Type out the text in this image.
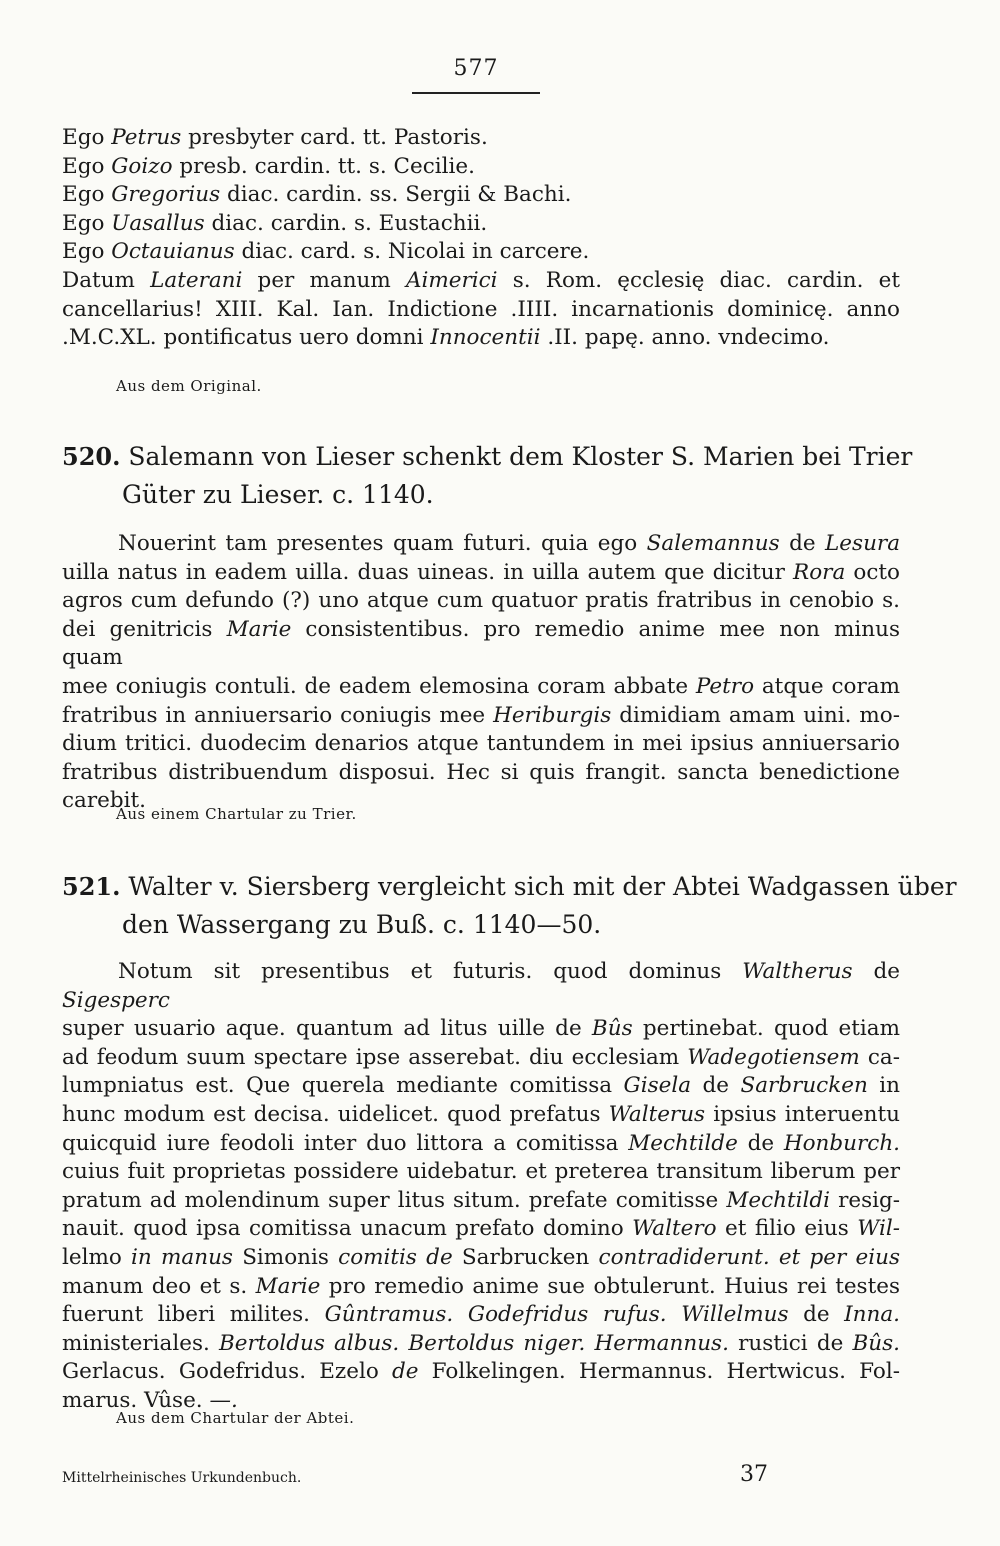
577
Ego Petrus presbyter card. tt. Pastoris.
Ego Goizo presb. cardin. tt. s. Cecilie.
Ego Gregorius diac. cardin. ss. Sergii & Bachi.
Ego Uasallus diac. cardin. s. Eustachii.
Ego Octauianus diac. card. s. Nicolai in carcere.
Datum Laterani per manum Aimerici s. Rom. ęcclesię diac. cardin. et
cancellarius! XIII. Kal. Ian. Indictione .IIII. incarnationis dominicę. anno
.M.C.XL. pontificatus uero domni Innocentii .II. papę. anno. vndecimo.
Aus dem Original.
520. Salemann von Lieser schenkt dem Kloster S. Marien bei Trier
Güter zu Lieser. c. 1140.
Nouerint tam presentes quam futuri. quia ego Salemannus de Lesura
uilla natus in eadem uilla. duas uineas. in uilla autem que dicitur Rora octo
agros cum defundo (?) uno atque cum quatuor pratis fratribus in cenobio s.
dei genitricis Marie consistentibus. pro remedio anime mee non minus quam
mee coniugis contuli. de eadem elemosina coram abbate Petro atque coram
fratribus in anniuersario coniugis mee Heriburgis dimidiam amam uini. mo-
dium tritici. duodecim denarios atque tantundem in mei ipsius anniuersario
fratribus distribuendum disposui. Hec si quis frangit. sancta benedictione
carebit.
Aus einem Chartular zu Trier.
521. Walter v. Siersberg vergleicht sich mit der Abtei Wadgassen über
den Wassergang zu Buß. c. 1140—50.
Notum sit presentibus et futuris. quod dominus Waltherus de Sigesperc
super usuario aque. quantum ad litus uille de Bûs pertinebat. quod etiam
ad feodum suum spectare ipse asserebat. diu ecclesiam Wadegotiensem ca-
lumpniatus est. Que querela mediante comitissa Gisela de Sarbrucken in
hunc modum est decisa. uidelicet. quod prefatus Walterus ipsius interuentu
quicquid iure feodoli inter duo littora a comitissa Mechtilde de Honburch.
cuius fuit proprietas possidere uidebatur. et preterea transitum liberum per
pratum ad molendinum super litus situm. prefate comitisse Mechtildi resig-
nauit. quod ipsa comitissa unacum prefato domino Waltero et filio eius Wil-
lelmo in manus Simonis comitis de Sarbrucken contradiderunt. et per eius
manum deo et s. Marie pro remedio anime sue obtulerunt. Huius rei testes
fuerunt liberi milites. Gûntramus. Godefridus rufus. Willelmus de Inna.
ministeriales. Bertoldus albus. Bertoldus niger. Hermannus. rustici de Bûs.
Gerlacus. Godefridus. Ezelo de Folkelingen. Hermannus. Hertwicus. Fol-
marus. Vûse. —.
Aus dem Chartular der Abtei.
Mittelrheinisches Urkundenbuch.	37
